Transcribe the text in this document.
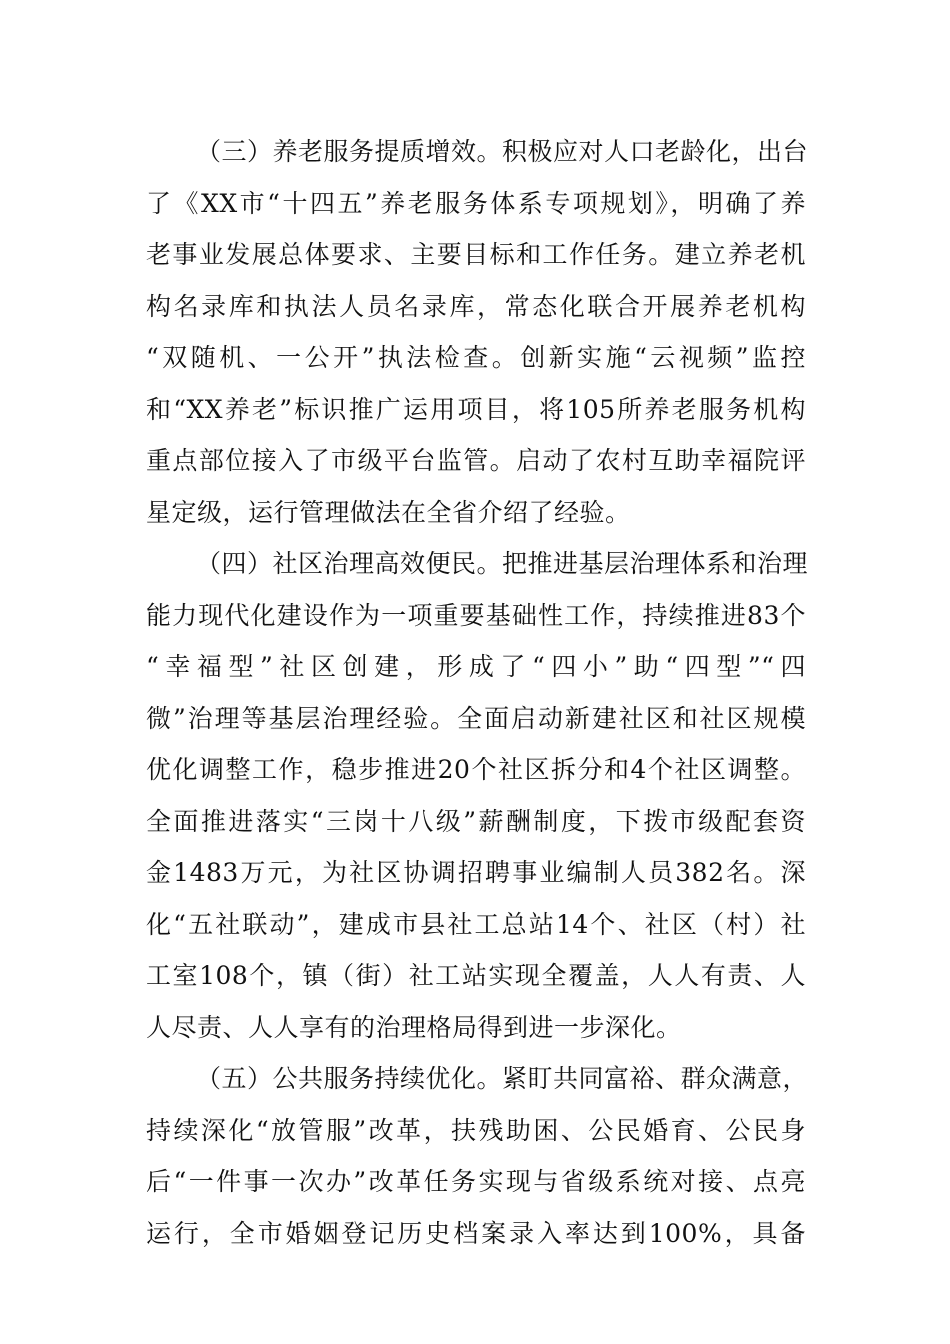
（三）养老服务提质增效。积极应对人口老龄化，出台
了《XX市“十四五”养老服务体系专项规划》，明确了养
老事业发展总体要求、主要目标和工作任务。建立养老机
构名录库和执法人员名录库，常态化联合开展养老机构
“双随机、一公开”执法检查。创新实施“云视频”监控
和“XX养老”标识推广运用项目，将105所养老服务机构
重点部位接入了市级平台监管。启动了农村互助幸福院评
星定级，运行管理做法在全省介绍了经验。
（四）社区治理高效便民。把推进基层治理体系和治理
能力现代化建设作为一项重要基础性工作，持续推进83个
“幸福型”社区创建，形成了“四小”助“四型”“四
微”治理等基层治理经验。全面启动新建社区和社区规模
优化调整工作，稳步推进20个社区拆分和4个社区调整。
全面推进落实“三岗十八级”薪酬制度，下拨市级配套资
金1483万元，为社区协调招聘事业编制人员382名。深
化“五社联动”，建成市县社工总站14个、社区（村）社
工室108个，镇（街）社工站实现全覆盖，人人有责、人
人尽责、人人享有的治理格局得到进一步深化。
（五）公共服务持续优化。紧盯共同富裕、群众满意，
持续深化“放管服”改革，扶残助困、公民婚育、公民身
后“一件事一次办”改革任务实现与省级系统对接、点亮
运行，全市婚姻登记历史档案录入率达到100%，具备
